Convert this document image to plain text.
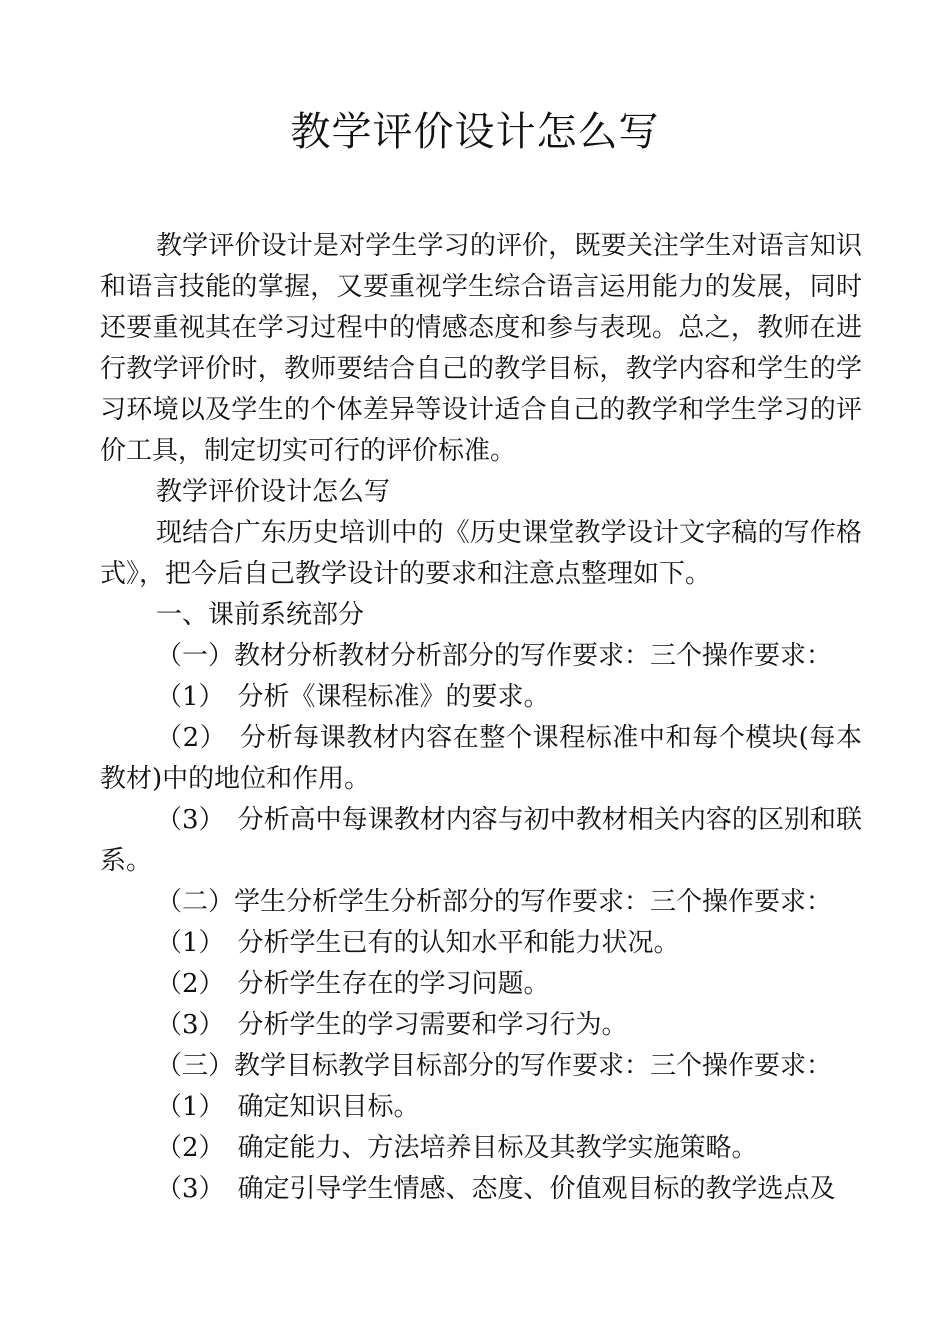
教学评价设计怎么写

教学评价设计是对学生学习的评价，既要关注学生对语言知识和语言技能的掌握，又要重视学生综合语言运用能力的发展，同时还要重视其在学习过程中的情感态度和参与表现。总之，教师在进行教学评价时，教师要结合自己的教学目标，教学内容和学生的学习环境以及学生的个体差异等设计适合自己的教学和学生学习的评价工具，制定切实可行的评价标准。

教学评价设计怎么写

现结合广东历史培训中的《历史课堂教学设计文字稿的写作格式》，把今后自己教学设计的要求和注意点整理如下。

一、课前系统部分

（一）教材分析教材分析部分的写作要求：三个操作要求：

（1）　分析《课程标准》的要求。

（2）　分析每课教材内容在整个课程标准中和每个模块(每本教材)中的地位和作用。

（3）　分析高中每课教材内容与初中教材相关内容的区别和联系。

（二）学生分析学生分析部分的写作要求：三个操作要求：

（1）　分析学生已有的认知水平和能力状况。

（2）　分析学生存在的学习问题。

（3）　分析学生的学习需要和学习行为。

（三）教学目标教学目标部分的写作要求：三个操作要求：

（1）　确定知识目标。

（2）　确定能力、方法培养目标及其教学实施策略。

（3）　确定引导学生情感、态度、价值观目标的教学选点及
